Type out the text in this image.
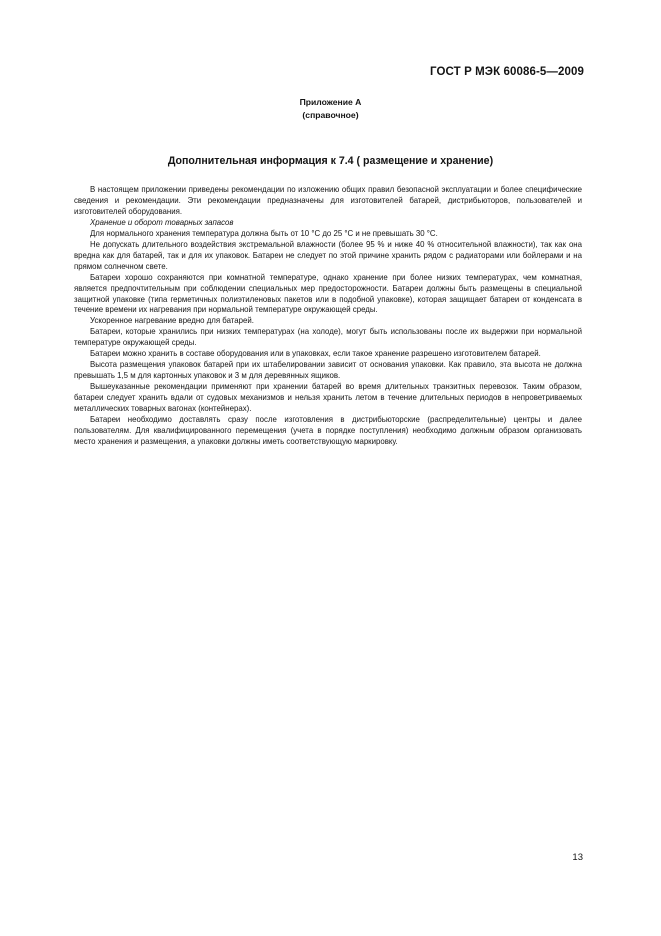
ГОСТ Р МЭК 60086-5—2009
Приложение А
(справочное)
Дополнительная информация к 7.4 ( размещение и хранение)

В настоящем приложении приведены рекомендации по изложению общих правил безопасной эксплуатации и более специфические сведения и рекомендации. Эти рекомендации предназначены для изготовителей батарей, дистрибьюторов, пользователей и изготовителей оборудования.

Хранение и оборот товарных запасов

Для нормального хранения температура должна быть от 10 °С до 25 °С и не превышать 30 °С.

Не допускать длительного воздействия экстремальной влажности (более 95 % и ниже 40 % относительной влажности), так как она вредна как для батарей, так и для их упаковок. Батареи не следует по этой причине хранить рядом с радиаторами или бойлерами и на прямом солнечном свете.

Батареи хорошо сохраняются при комнатной температуре, однако хранение при более низких температурах, чем комнатная, является предпочтительным при соблюдении специальных мер предосторожности. Батареи должны быть размещены в специальной защитной упаковке (типа герметичных полиэтиленовых пакетов или в подобной упаковке), которая защищает батареи от конденсата в течение времени их нагревания при нормальной температуре окружающей среды.

Ускоренное нагревание вредно для батарей.

Батареи, которые хранились при низких температурах (на холоде), могут быть использованы после их выдержки при нормальной температуре окружающей среды.

Батареи можно хранить в составе оборудования или в упаковках, если такое хранение разрешено изготовителем батарей.

Высота размещения упаковок батарей при их штабелировании зависит от основания упаковки. Как правило, эта высота не должна превышать 1,5 м для картонных упаковок и 3 м для деревянных ящиков.

Вышеуказанные рекомендации применяют при хранении батарей во время длительных транзитных перевозок. Таким образом, батареи следует хранить вдали от судовых механизмов и нельзя хранить летом в течение длительных периодов в непроветриваемых металлических товарных вагонах (контейнерах).

Батареи необходимо доставлять сразу после изготовления в дистрибьюторские (распределительные) центры и далее пользователям. Для квалифицированного перемещения (учета в порядке поступления) необходимо должным образом организовать место хранения и размещения, а упаковки должны иметь соответствующую маркировку.

13
